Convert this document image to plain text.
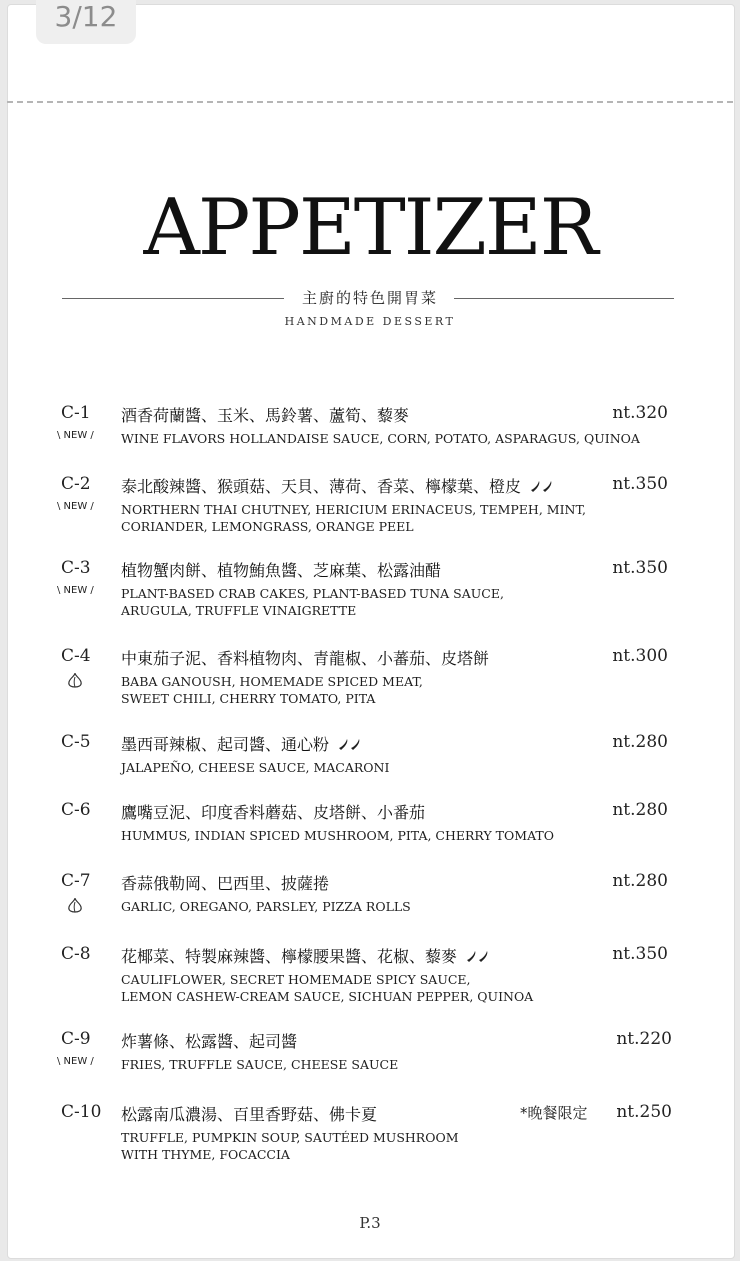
3/12
APPETIZER
主廚的特色開胃菜
HANDMADE DESSERT
C-1
\ NEW /
酒香荷蘭醬、玉米、馬鈴薯、蘆筍、藜麥
WINE FLAVORS HOLLANDAISE SAUCE, CORN, POTATO, ASPARAGUS, QUINOA
nt.320
C-2
\ NEW /
泰北酸辣醬、猴頭菇、天貝、薄荷、香菜、檸檬葉、橙皮
NORTHERN THAI CHUTNEY, HERICIUM ERINACEUS, TEMPEH, MINT,
CORIANDER, LEMONGRASS, ORANGE PEEL
nt.350
C-3
\ NEW /
植物蟹肉餅、植物鮪魚醬、芝麻葉、松露油醋
PLANT-BASED CRAB CAKES, PLANT-BASED TUNA SAUCE,
ARUGULA, TRUFFLE VINAIGRETTE
nt.350
C-4 中東茄子泥、香料植物肉、青龍椒、小蕃茄、皮塔餅
BABA GANOUSH, HOMEMADE SPICED MEAT,
SWEET CHILI, CHERRY TOMATO, PITA
nt.300
C-5 墨西哥辣椒、起司醬、通心粉
JALAPEÑO, CHEESE SAUCE, MACARONI
nt.280
C-6 鷹嘴豆泥、印度香料蘑菇、皮塔餅、小番茄
HUMMUS, INDIAN SPICED MUSHROOM, PITA, CHERRY TOMATO
nt.280
C-7 香蒜俄勒岡、巴西里、披薩捲
GARLIC, OREGANO, PARSLEY, PIZZA ROLLS
nt.280
C-8 花椰菜、特製麻辣醬、檸檬腰果醬、花椒、藜麥
CAULIFLOWER, SECRET HOMEMADE SPICY SAUCE,
LEMON CASHEW-CREAM SAUCE, SICHUAN PEPPER, QUINOA
nt.350
C-9
\ NEW /
炸薯條、松露醬、起司醬
FRIES, TRUFFLE SAUCE, CHEESE SAUCE
nt.220
C-10 松露南瓜濃湯、百里香野菇、佛卡夏
TRUFFLE, PUMPKIN SOUP, SAUTÉED MUSHROOM
WITH THYME, FOCACCIA
*晚餐限定 nt.250
P.3
